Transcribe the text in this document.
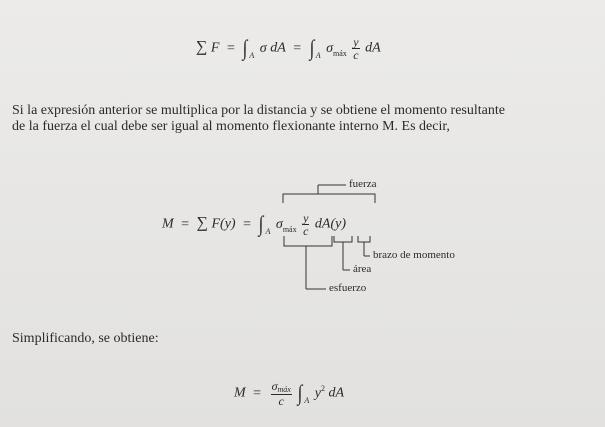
∑ F = ∫ $_A$ σ dA = ∫ $_A$ $\sigma_{máx} \frac{y}{c}$ dA
Si la expresión anterior se multiplica por la distancia y se obtiene el momento resultante
de la fuerza el cual debe ser igual al momento flexionante interno M. Es decir,
M = ∑ F(y) = ∫ $_A$ $\sigma_{máx} \frac{y}{c} dA(y)$
fuerza
brazo de momento
área
esfuerzo
Simplificando, se obtiene:
$M = \frac{\text{σmáx}}{c}$ ∫ $_A$ $y^2$ dA
